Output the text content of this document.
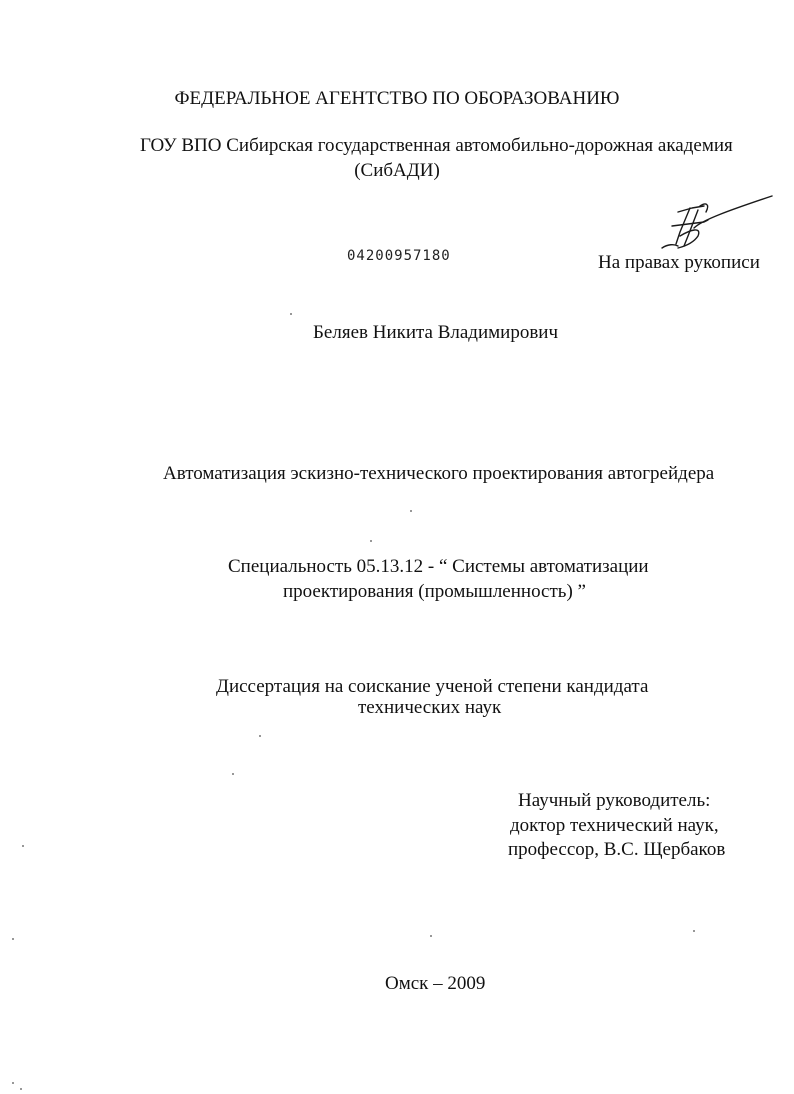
ФЕДЕРАЛЬНОЕ АГЕНТСТВО ПО ОБОРАЗОВАНИЮ
ГОУ ВПО Сибирская государственная автомобильно-дорожная академия
(СибАДИ)
04200957180	На правах рукописи
Беляев Никита Владимирович
Автоматизация эскизно-технического проектирования автогрейдера
Специальность 05.13.12 - “ Системы автоматизации
проектирования (промышленность) ”
Диссертация на соискание ученой степени кандидата
технических наук
Научный руководитель:
доктор технический наук,
профессор, В.С. Щербаков
Омск – 2009
